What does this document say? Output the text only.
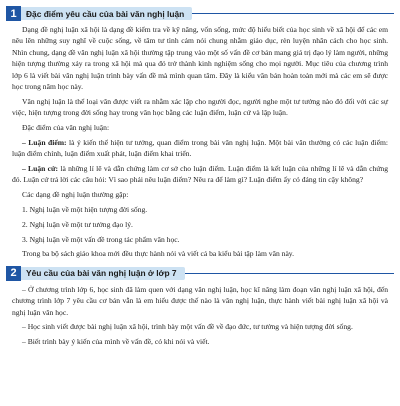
1	Đặc điểm yêu cầu của bài văn nghị luận

Dạng đề nghị luận xã hội là dạng đề kiểm tra về kỹ năng, vốn sống, mức độ hiểu biết của học sinh về xã hội để các em nêu lên những suy nghĩ về cuộc sống, về tâm tư tình cảm nói chung nhằm giáo dục, rèn luyện nhân cách cho học sinh. Nhìn chung, dạng đề văn nghị luận xã hội thường tập trung vào một số vấn đề cơ bản mang giá trị đạo lý làm người, những hiện tượng thường xảy ra trong xã hội mà qua đó trở thành kinh nghiệm sống cho mọi người. Mục tiêu của chương trình lớp 6 là viết bài văn nghị luận trình bày vấn đề mà mình quan tâm. Đây là kiểu văn bản hoàn toàn mới mà các em sẽ được học trong năm học này.

Văn nghị luận là thể loại văn được viết ra nhằm xác lập cho người đọc, người nghe một tư tưởng nào đó đối với các sự việc, hiện tượng trong đời sống hay trong văn học bằng các luận điểm, luận cứ và lập luận.

Đặc điểm của văn nghị luận:

– Luận điểm: là ý kiến thể hiện tư tưởng, quan điểm trong bài văn nghị luận. Một bài văn thường có các luận điểm: luận điểm chính, luận điểm xuất phát, luận điểm khai triển.

– Luận cứ: là những lí lẽ và dẫn chứng làm cơ sở cho luận điểm. Luận điểm là kết luận của những lí lẽ và dẫn chứng đó. Luận cứ trả lời các câu hỏi: Vì sao phải nêu luận điểm? Nêu ra để làm gì? Luận điểm ấy có đáng tin cậy không?

Các dạng đề nghị luận thường gặp:

1. Nghị luận về một hiện tượng đời sống.

2. Nghị luận về một tư tưởng đạo lý.

3. Nghị luận về một vấn đề trong tác phẩm văn học.

Trong ba bộ sách giáo khoa mới đều thực hành nói và viết cả ba kiểu bài tập làm văn này.

2	Yêu cầu của bài văn nghị luận ở lớp 7

– Ở chương trình lớp 6, học sinh đã làm quen với dạng văn nghị luận, học kĩ năng làm đoạn văn nghị luận xã hội, đến chương trình lớp 7 yêu cầu cơ bản vẫn là em hiểu được thế nào là văn nghị luận, thực hành viết bài nghị luận xã hội và nghị luận văn học.

– Học sinh viết được bài nghị luận xã hội, trình bày một vấn đề về đạo đức, tư tưởng và hiện tượng đời sống.

– Biết trình bày ý kiến của mình về vấn đề, có khi nói và viết.
